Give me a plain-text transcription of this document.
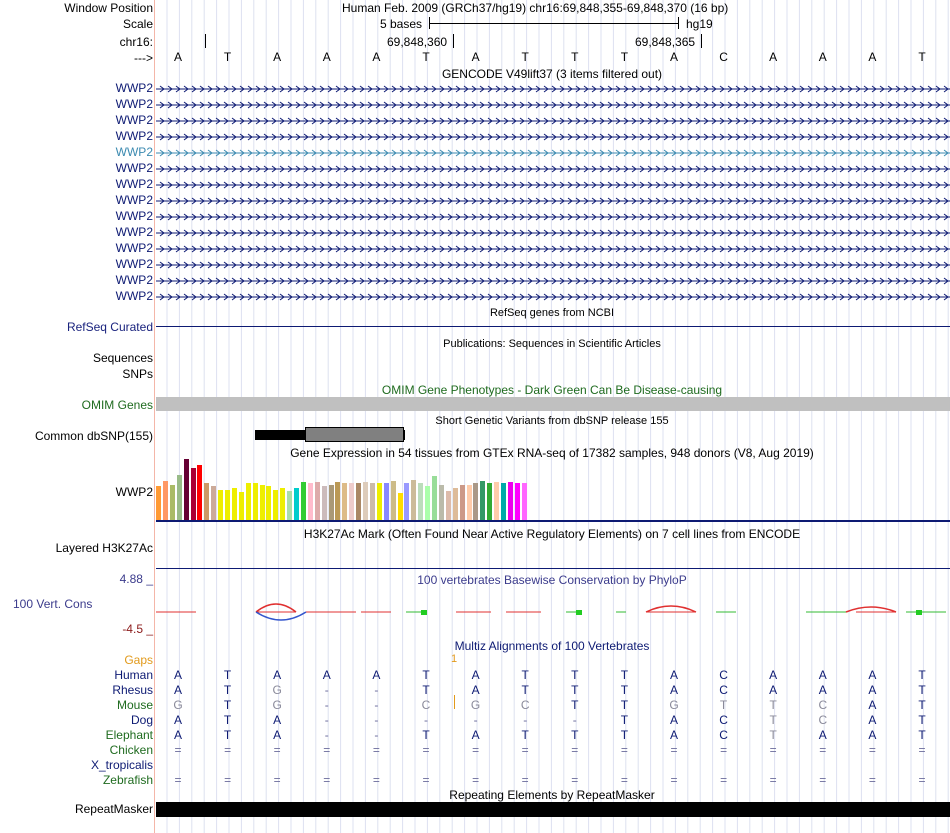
Window Position
Scale
chr16:
--->
Human Feb. 2009 (GRCh37/hg19) chr16:69,848,355-69,848,370 (16 bp)
5 bases	hg19
69,848,360	69,848,365
A	T	A	A	A	T	A	T	T	T	A	C	A	A	A	T
GENCODE V49lift37 (3 items filtered out)
WWP2
WWP2
WWP2
WWP2
WWP2
WWP2
WWP2
WWP2
WWP2
WWP2
WWP2
WWP2
WWP2
WWP2
RefSeq genes from NCBI
RefSeq Curated
Publications: Sequences in Scientific Articles
Sequences
SNPs
OMIM Gene Phenotypes - Dark Green Can Be Disease-causing
OMIM Genes
Short Genetic Variants from dbSNP release 155
Common dbSNP(155)
Gene Expression in 54 tissues from GTEx RNA-seq of 17382 samples, 948 donors (V8, Aug 2019)
WWP2
H3K27Ac Mark (Often Found Near Active Regulatory Elements) on 7 cell lines from ENCODE
Layered H3K27Ac
100 vertebrates Basewise Conservation by PhyloP
4.88 _
100 Vert. Cons
-4.5 _
Multiz Alignments of 100 Vertebrates
Gaps	1
Human A	T	A	A	A	T	A	T	T	T	A	C	A	A	A	T
Rhesus A	T	G	-	-	T	A	T	T	T	A	C	A	A	A	T
Mouse G	T	G	-	-	C	G	C	T	T	G	T	T	C	A	T
Dog A	T	A	-	-	-	-	-	-	T	A	C	T	C	A	T
Elephant A	T	A	-	-	T	A	T	T	T	A	C	T	A	A	T
Chicken =	=	=	=	=	=	=	=	=	=	=	=	=	=	=	=
X_tropicalis
Zebrafish =	=	=	=	=	=	=	=	=	=	=	=	=	=	=	=
Repeating Elements by RepeatMasker
RepeatMasker
